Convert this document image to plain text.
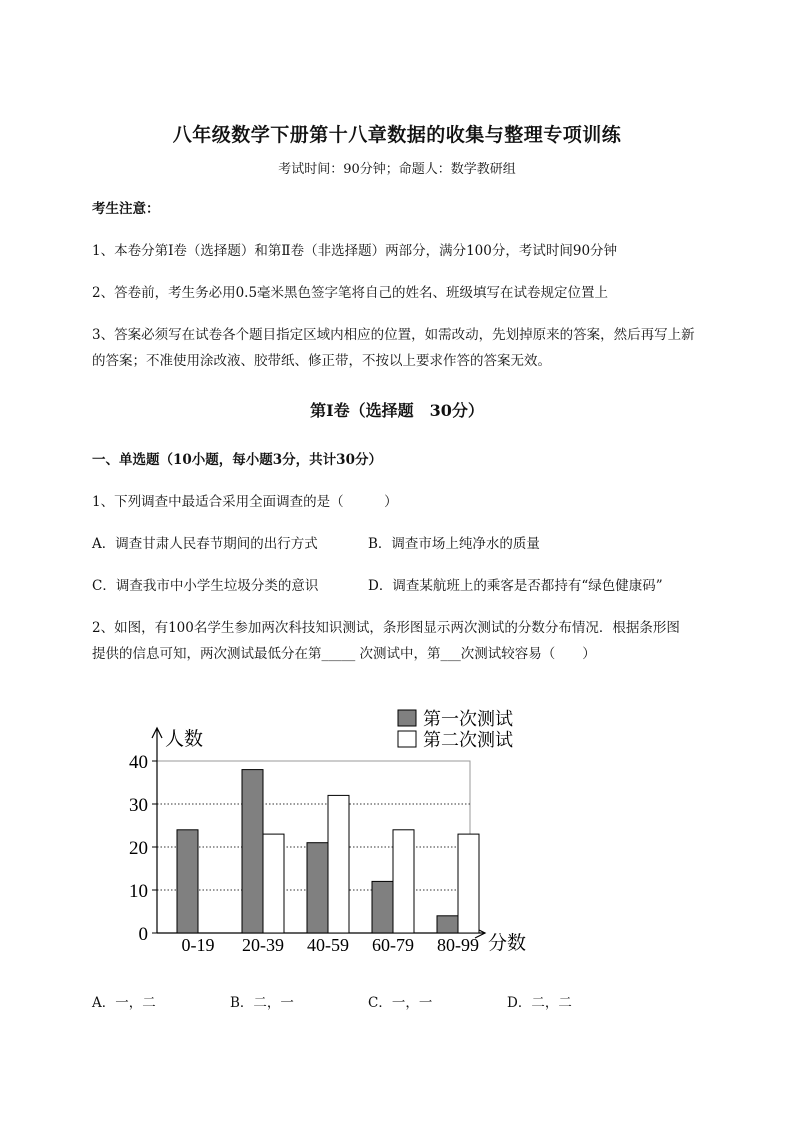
八年级数学下册第十八章数据的收集与整理专项训练
考试时间：90分钟；命题人：数学教研组
考生注意：
1、本卷分第I卷（选择题）和第Ⅱ卷（非选择题）两部分，满分100分，考试时间90分钟
2、答卷前，考生务必用0.5毫米黑色签字笔将自己的姓名、班级填写在试卷规定位置上
3、答案必须写在试卷各个题目指定区域内相应的位置，如需改动，先划掉原来的答案，然后再写上新
的答案；不准使用涂改液、胶带纸、修正带，不按以上要求作答的答案无效。
第I卷（选择题　30分）
一、单选题（10小题，每小题3分，共计30分）
1、下列调查中最适合采用全面调查的是（　　　）
A．调查甘肃人民春节期间的出行方式	B．调查市场上纯净水的质量
C．调查我市中小学生垃圾分类的意识	D．调查某航班上的乘客是否都持有“绿色健康码”
2、如图，有100名学生参加两次科技知识测试，条形图显示两次测试的分数分布情况．根据条形图
提供的信息可知，两次测试最低分在第_____ 次测试中，第___次测试较容易（　　）
0
10
20
30
40
人数
分数
0-19 20-39 40-59 60-79 80-99
第一次测试
第二次测试
A．一，二	B．二，一	C．一，一	D．二，二
